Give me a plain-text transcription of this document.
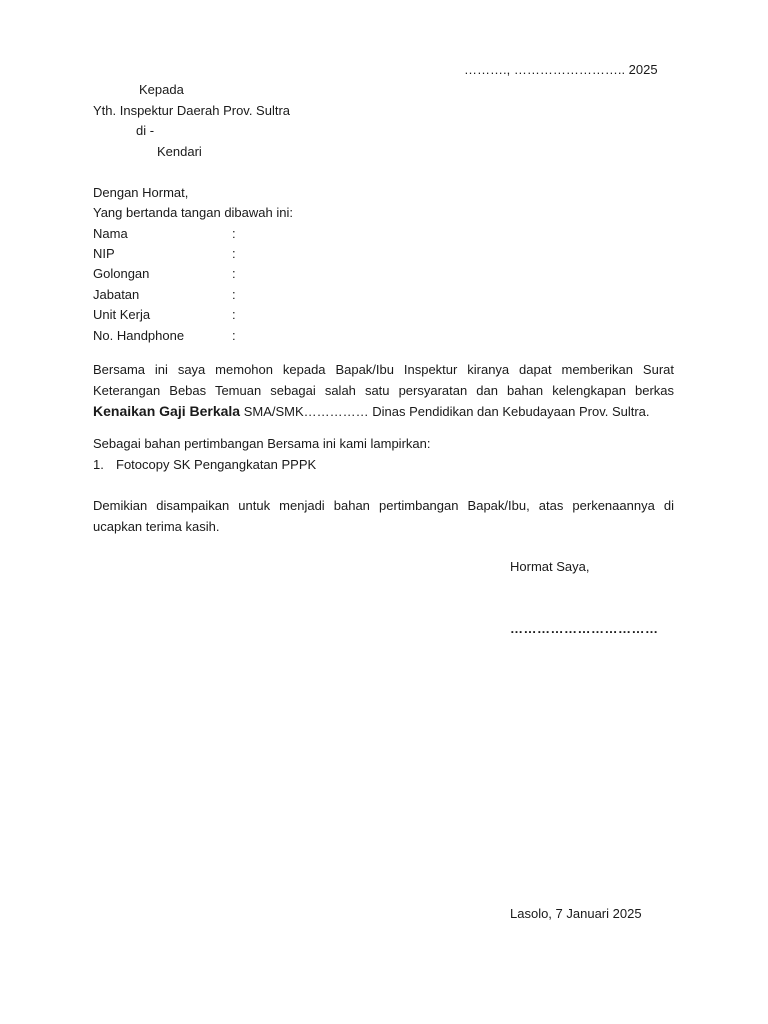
………., …………………….. 2025
Kepada
Yth. Inspektur Daerah Prov. Sultra
di -
Kendari
Dengan Hormat,
Yang bertanda tangan dibawah ini:
Nama	:
NIP	:
Golongan	:
Jabatan	:
Unit Kerja	:
No. Handphone	:
Bersama ini saya memohon kepada Bapak/Ibu Inspektur kiranya dapat memberikan Surat Keterangan Bebas Temuan sebagai salah satu persyaratan dan bahan kelengkapan berkas Kenaikan Gaji Berkala SMA/SMK…………… Dinas Pendidikan dan Kebudayaan Prov. Sultra.
Sebagai bahan pertimbangan Bersama ini kami lampirkan:
1. Fotocopy SK Pengangkatan PPPK
Demikian disampaikan untuk menjadi bahan pertimbangan Bapak/Ibu, atas perkenaannya di ucapkan terima kasih.
Hormat Saya,
……………………………
Lasolo, 7 Januari 2025
